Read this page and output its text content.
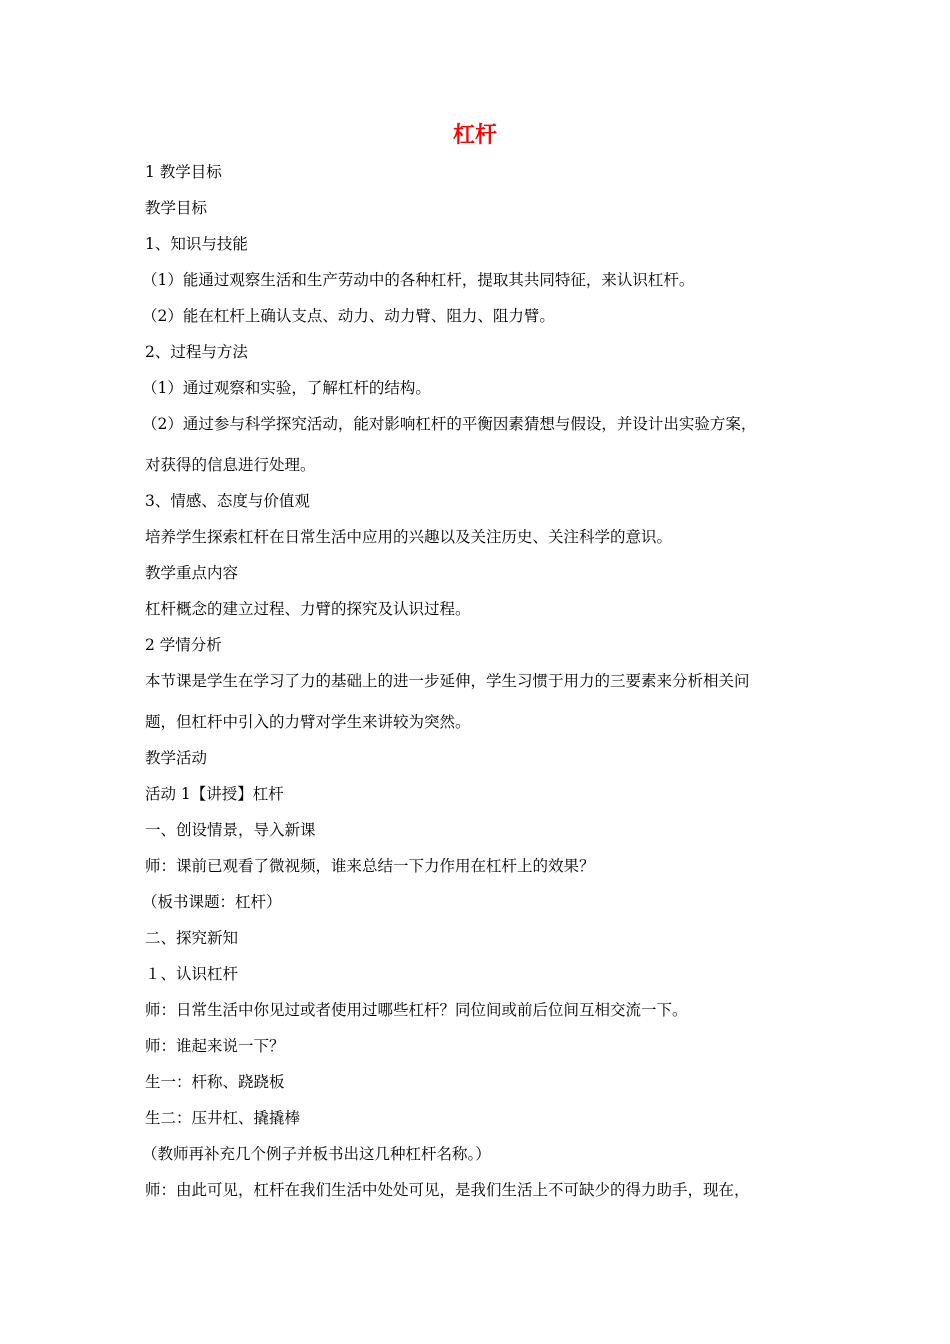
杠杆

1 教学目标

教学目标

1、知识与技能

（1）能通过观察生活和生产劳动中的各种杠杆，提取其共同特征，来认识杠杆。

（2）能在杠杆上确认支点、动力、动力臂、阻力、阻力臂。

2、过程与方法

（1）通过观察和实验，了解杠杆的结构。

（2）通过参与科学探究活动，能对影响杠杆的平衡因素猜想与假设，并设计出实验方案，

对获得的信息进行处理。

3、情感、态度与价值观

培养学生探索杠杆在日常生活中应用的兴趣以及关注历史、关注科学的意识。

教学重点内容

杠杆概念的建立过程、力臂的探究及认识过程。

2 学情分析

本节课是学生在学习了力的基础上的进一步延伸，学生习惯于用力的三要素来分析相关问

题，但杠杆中引入的力臂对学生来讲较为突然。

教学活动

活动 1【讲授】杠杆

一、创设情景，导入新课

师：课前已观看了微视频，谁来总结一下力作用在杠杆上的效果？

（板书课题：杠杆）

二、探究新知

１、认识杠杆

师：日常生活中你见过或者使用过哪些杠杆？同位间或前后位间互相交流一下。

师：谁起来说一下？

生一：杆称、跷跷板

生二：压井杠、撬撬棒

（教师再补充几个例子并板书出这几种杠杆名称。）

师：由此可见，杠杆在我们生活中处处可见，是我们生活上不可缺少的得力助手，现在，
